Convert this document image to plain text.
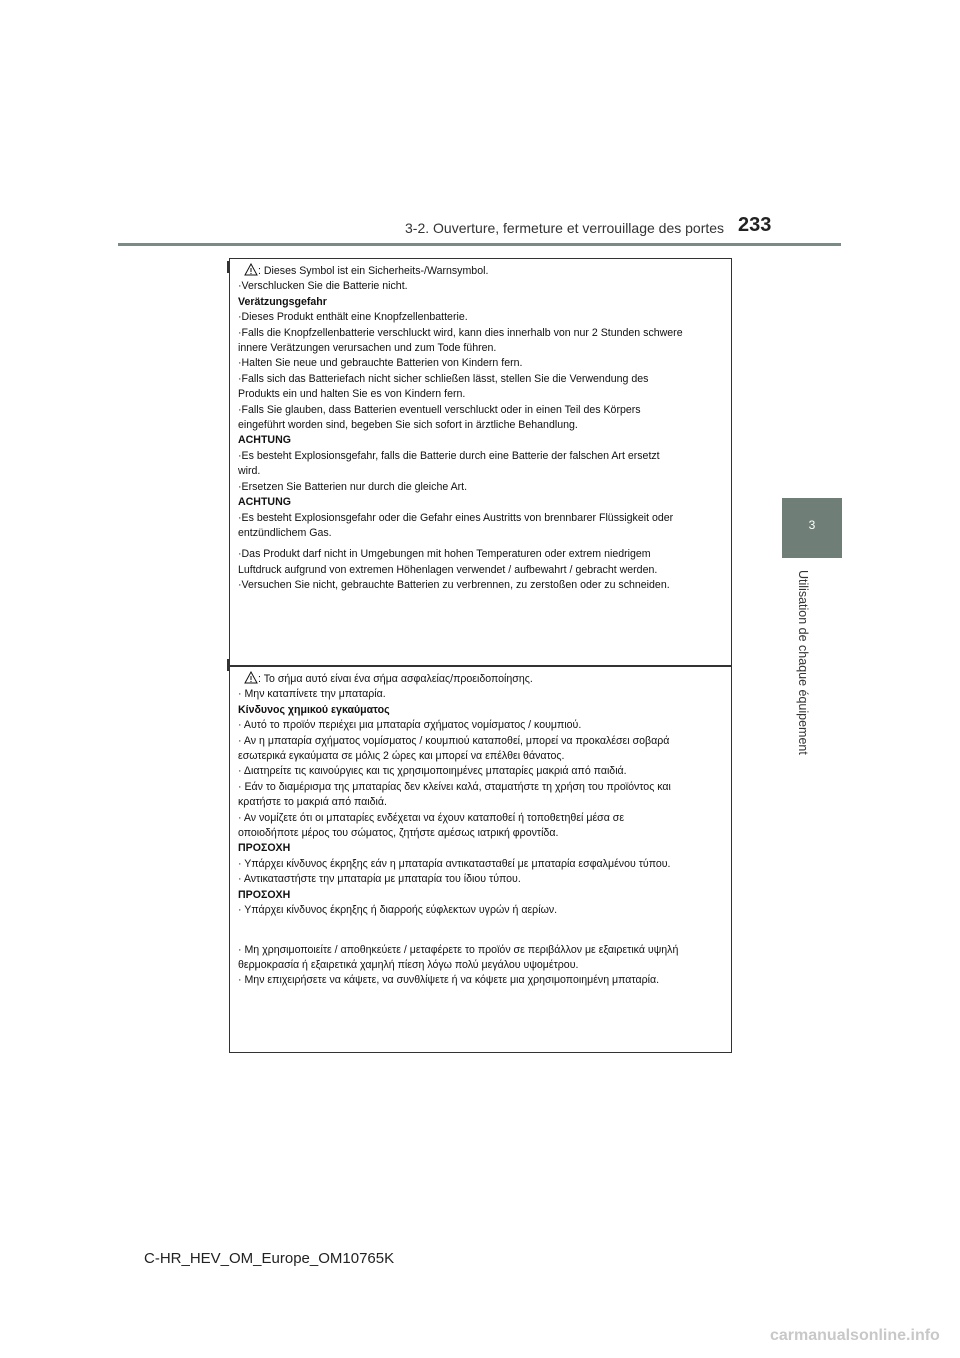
3-2. Ouverture, fermeture et verrouillage des portes 233
3
Utilisation de chaque équipement
: Dieses Symbol ist ein Sicherheits-/Warnsymbol.
·Verschlucken Sie die Batterie nicht.
Verätzungsgefahr
·Dieses Produkt enthält eine Knopfzellenbatterie.
·Falls die Knopfzellenbatterie verschluckt wird, kann dies innerhalb von nur 2 Stunden schwere
innere Verätzungen verursachen und zum Tode führen.
·Halten Sie neue und gebrauchte Batterien von Kindern fern.
·Falls sich das Batteriefach nicht sicher schließen lässt, stellen Sie die Verwendung des
Produkts ein und halten Sie es von Kindern fern.
·Falls Sie glauben, dass Batterien eventuell verschluckt oder in einen Teil des Körpers
eingeführt worden sind, begeben Sie sich sofort in ärztliche Behandlung.
ACHTUNG
·Es besteht Explosionsgefahr, falls die Batterie durch eine Batterie der falschen Art ersetzt
wird.
·Ersetzen Sie Batterien nur durch die gleiche Art.
ACHTUNG
·Es besteht Explosionsgefahr oder die Gefahr eines Austritts von brennbarer Flüssigkeit oder
entzündlichem Gas.
·Das Produkt darf nicht in Umgebungen mit hohen Temperaturen oder extrem niedrigem
Luftdruck aufgrund von extremen Höhenlagen verwendet / aufbewahrt / gebracht werden.
·Versuchen Sie nicht, gebrauchte Batterien zu verbrennen, zu zerstoßen oder zu schneiden.
: Το σήμα αυτό είναι ένα σήμα ασφαλείας/προειδοποίησης.
· Μην καταπίνετε την μπαταρία.
Κίνδυνος χημικού εγκαύματος
· Αυτό το προϊόν περιέχει μια μπαταρία σχήματος νομίσματος / κουμπιού.
· Αν η μπαταρία σχήματος νομίσματος / κουμπιού καταποθεί, μπορεί να προκαλέσει σοβαρά
εσωτερικά εγκαύματα σε μόλις 2 ώρες και μπορεί να επέλθει θάνατος.
· Διατηρείτε τις καινούργιες και τις χρησιμοποιημένες μπαταρίες μακριά από παιδιά.
· Εάν το διαμέρισμα της μπαταρίας δεν κλείνει καλά, σταματήστε τη χρήση του προϊόντος και
κρατήστε το μακριά από παιδιά.
· Αν νομίζετε ότι οι μπαταρίες ενδέχεται να έχουν καταποθεί ή τοποθετηθεί μέσα σε
οποιοδήποτε μέρος του σώματος, ζητήστε αμέσως ιατρική φροντίδα.
ΠΡΟΣΟΧΗ
· Υπάρχει κίνδυνος έκρηξης εάν η μπαταρία αντικατασταθεί με μπαταρία εσφαλμένου τύπου.
· Αντικαταστήστε την μπαταρία με μπαταρία του ίδιου τύπου.
ΠΡΟΣΟΧΗ
· Υπάρχει κίνδυνος έκρηξης ή διαρροής εύφλεκτων υγρών ή αερίων.
· Μη χρησιμοποιείτε / αποθηκεύετε / μεταφέρετε το προϊόν σε περιβάλλον με εξαιρετικά υψηλή
θερμοκρασία ή εξαιρετικά χαμηλή πίεση λόγω πολύ μεγάλου υψομέτρου.
· Μην επιχειρήσετε να κάψετε, να συνθλίψετε ή να κόψετε μια χρησιμοποιημένη μπαταρία.
C-HR_HEV_OM_Europe_OM10765K
carmanualsonline.info
